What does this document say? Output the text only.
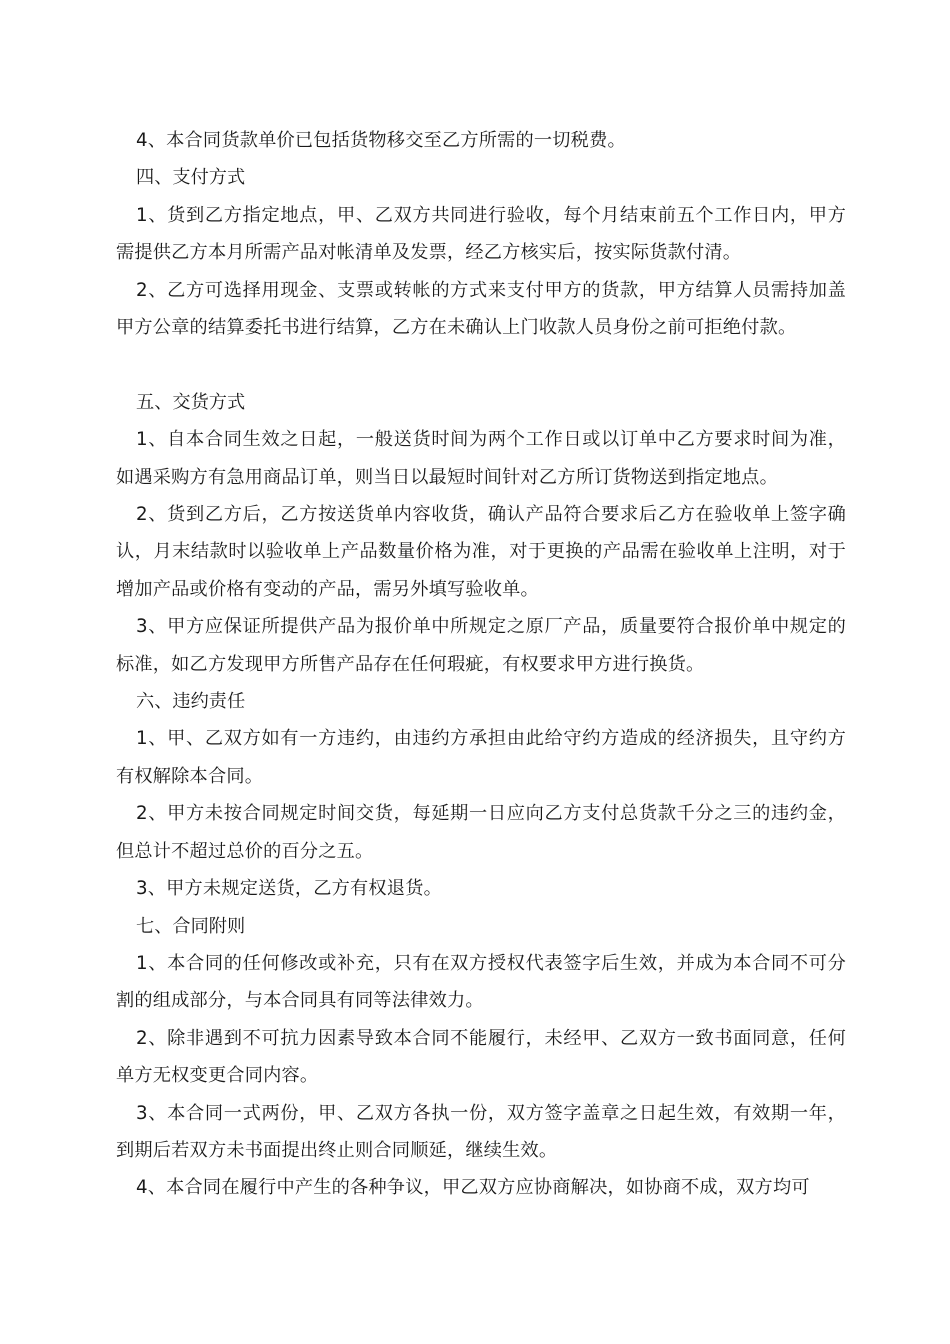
4、本合同货款单价已包括货物移交至乙方所需的一切税费。

四、支付方式

1、货到乙方指定地点，甲、乙双方共同进行验收，每个月结束前五个工作日内，甲方需提供乙方本月所需产品对帐清单及发票，经乙方核实后，按实际货款付清。

2、乙方可选择用现金、支票或转帐的方式来支付甲方的货款，甲方结算人员需持加盖甲方公章的结算委托书进行结算，乙方在未确认上门收款人员身份之前可拒绝付款。

五、交货方式

1、自本合同生效之日起，一般送货时间为两个工作日或以订单中乙方要求时间为准，如遇采购方有急用商品订单，则当日以最短时间针对乙方所订货物送到指定地点。

2、货到乙方后，乙方按送货单内容收货，确认产品符合要求后乙方在验收单上签字确认，月末结款时以验收单上产品数量价格为准，对于更换的产品需在验收单上注明，对于增加产品或价格有变动的产品，需另外填写验收单。

3、甲方应保证所提供产品为报价单中所规定之原厂产品，质量要符合报价单中规定的标准，如乙方发现甲方所售产品存在任何瑕疵，有权要求甲方进行换货。

六、违约责任

1、甲、乙双方如有一方违约，由违约方承担由此给守约方造成的经济损失，且守约方有权解除本合同。

2、甲方未按合同规定时间交货，每延期一日应向乙方支付总货款千分之三的违约金，但总计不超过总价的百分之五。

3、甲方未规定送货，乙方有权退货。

七、合同附则

1、本合同的任何修改或补充，只有在双方授权代表签字后生效，并成为本合同不可分割的组成部分，与本合同具有同等法律效力。

2、除非遇到不可抗力因素导致本合同不能履行，未经甲、乙双方一致书面同意，任何单方无权变更合同内容。

3、本合同一式两份，甲、乙双方各执一份，双方签字盖章之日起生效，有效期一年，到期后若双方未书面提出终止则合同顺延，继续生效。

4、本合同在履行中产生的各种争议，甲乙双方应协商解决，如协商不成，双方均可
